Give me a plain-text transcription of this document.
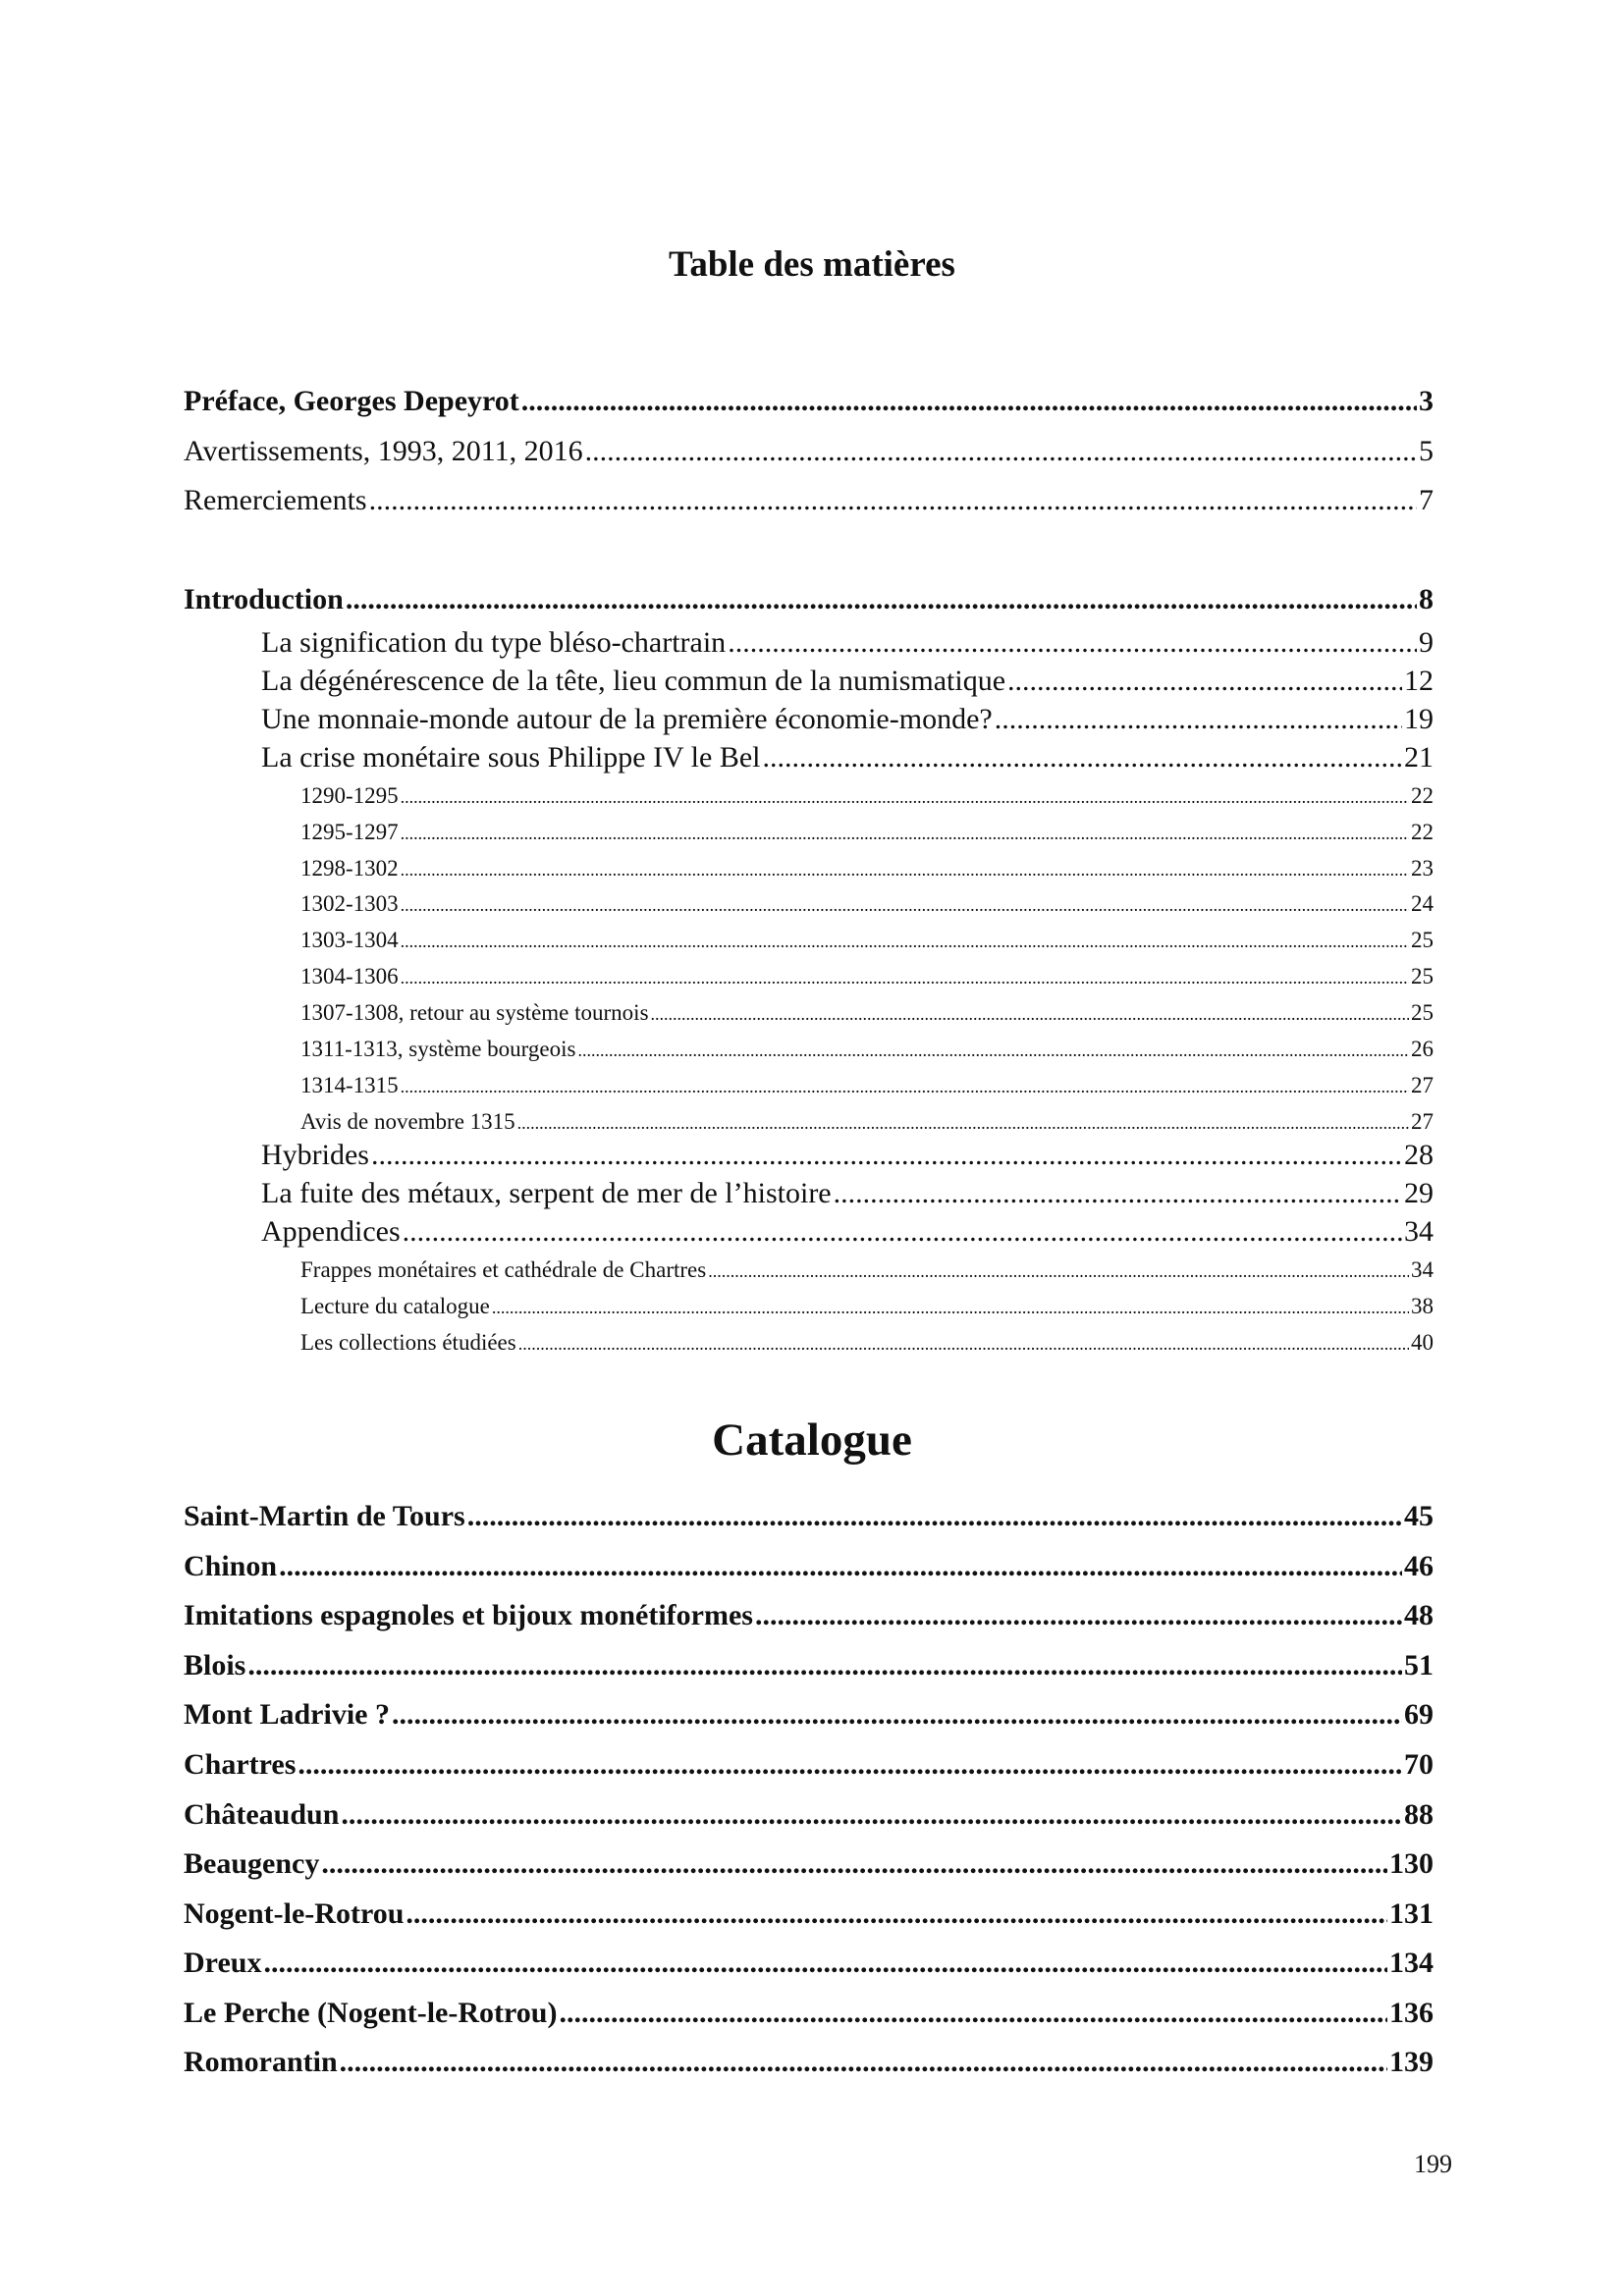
Table des matières
Préface, Georges Depeyrot .....	3
Avertissements, 1993, 2011, 2016 .....	5
Remerciements .....	7
Introduction .....	8
La signification du type bléso-chartrain .....	9
La dégénérescence de la tête, lieu commun de la numismatique .....	12
Une monnaie-monde autour de la première économie-monde? .....	19
La crise monétaire sous Philippe IV le Bel .....	21
1290-1295 .....	22
1295-1297 .....	22
1298-1302 .....	23
1302-1303 .....	24
1303-1304 .....	25
1304-1306 .....	25
1307-1308, retour au système tournois .....	25
1311-1313, système bourgeois .....	26
1314-1315 .....	27
Avis de novembre 1315 .....	27
Hybrides .....	28
La fuite des métaux, serpent de mer de l’histoire .....	29
Appendices .....	34
Frappes monétaires et cathédrale de Chartres .....	34
Lecture du catalogue .....	38
Les collections étudiées .....	40
Catalogue
Saint-Martin de Tours .....	45
Chinon .....	46
Imitations espagnoles et bijoux monétiformes .....	48
Blois .....	51
Mont Ladrivie ? .....	69
Chartres .....	70
Châteaudun .....	88
Beaugency .....	130
Nogent-le-Rotrou .....	131
Dreux .....	134
Le Perche (Nogent-le-Rotrou) .....	136
Romorantin .....	139
199
